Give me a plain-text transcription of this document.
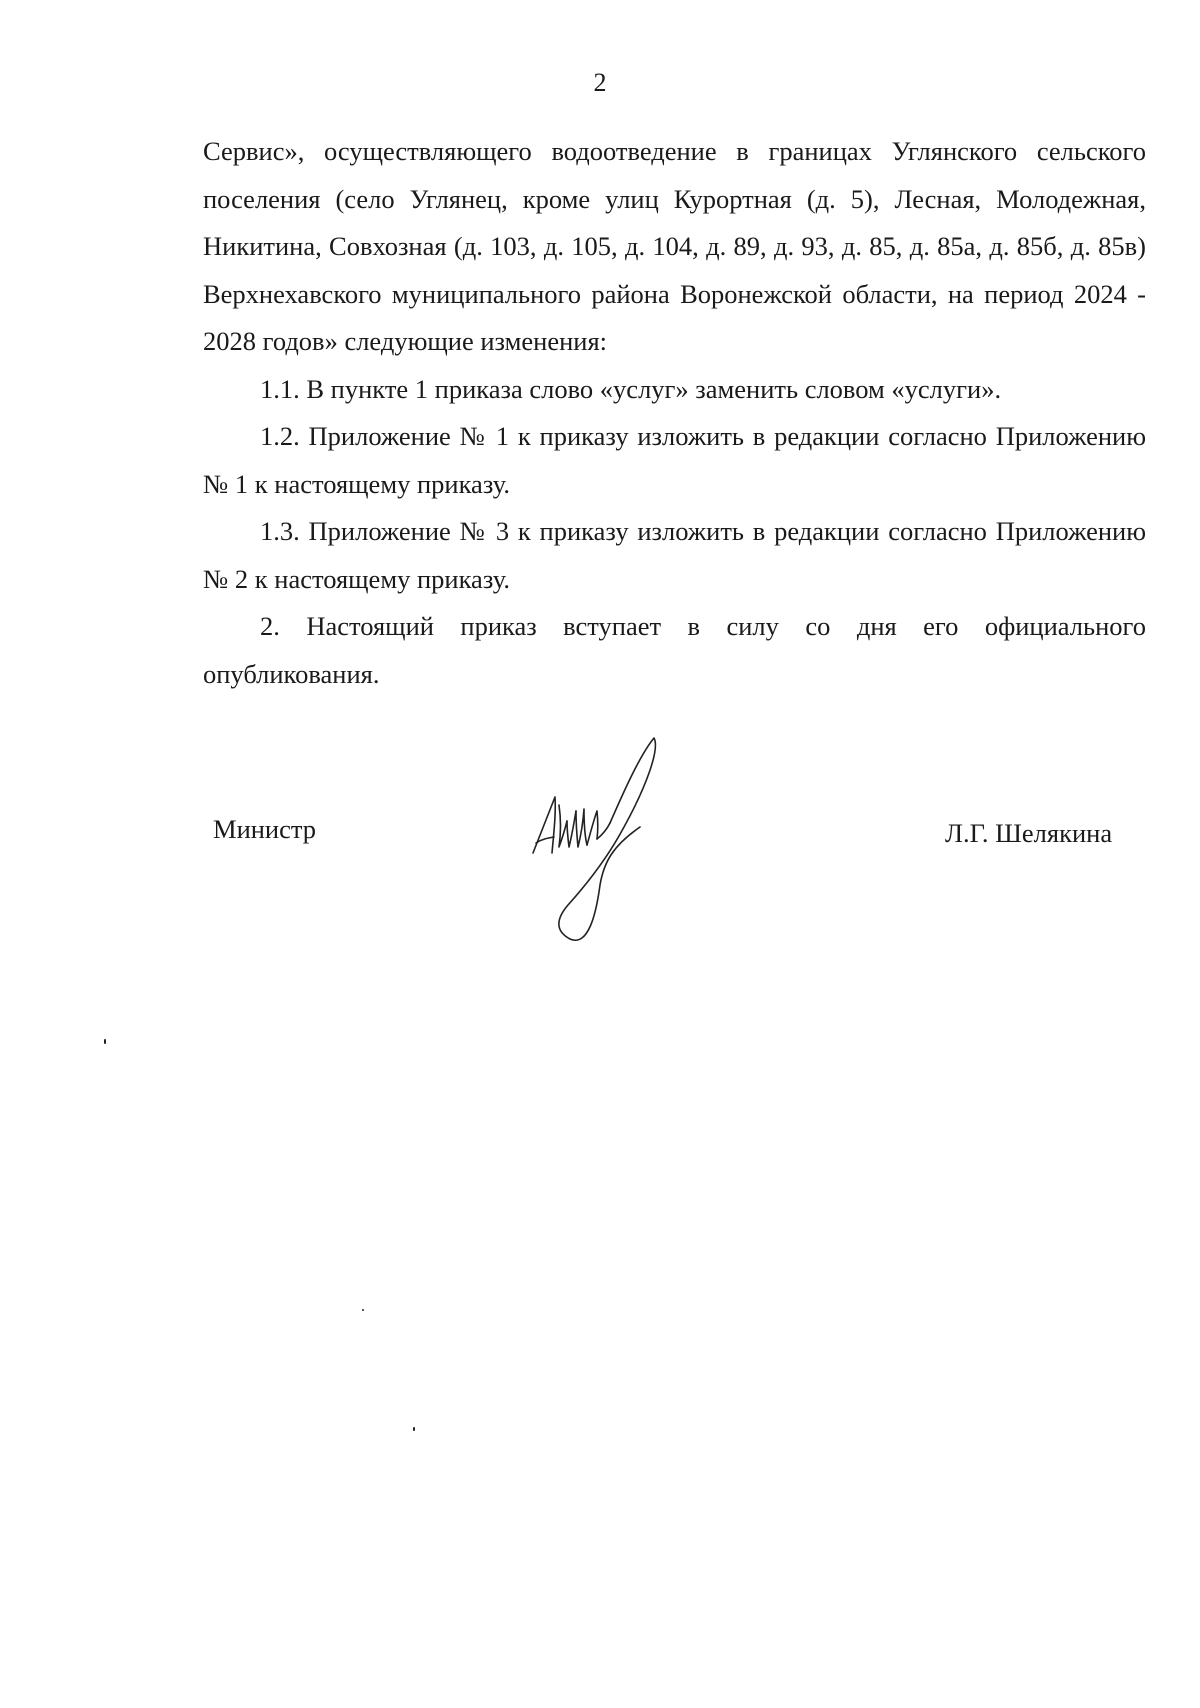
2

Сервис», осуществляющего водоотведение в границах Углянского сельского поселения (село Углянец, кроме улиц Курортная (д. 5), Лесная, Молодежная, Никитина, Совхозная (д. 103, д. 105, д. 104, д. 89, д. 93, д. 85, д. 85а, д. 85б, д. 85в) Верхнехавского муниципального района Воронежской области, на период 2024 - 2028 годов» следующие изменения:

1.1. В пункте 1 приказа слово «услуг» заменить словом «услуги».

1.2. Приложение № 1 к приказу изложить в редакции согласно Приложению № 1 к настоящему приказу.

1.3. Приложение № 3 к приказу изложить в редакции согласно Приложению № 2 к настоящему приказу.

2. Настоящий приказ вступает в силу со дня его официального опубликования.

Министр	Л.Г. Шелякина
